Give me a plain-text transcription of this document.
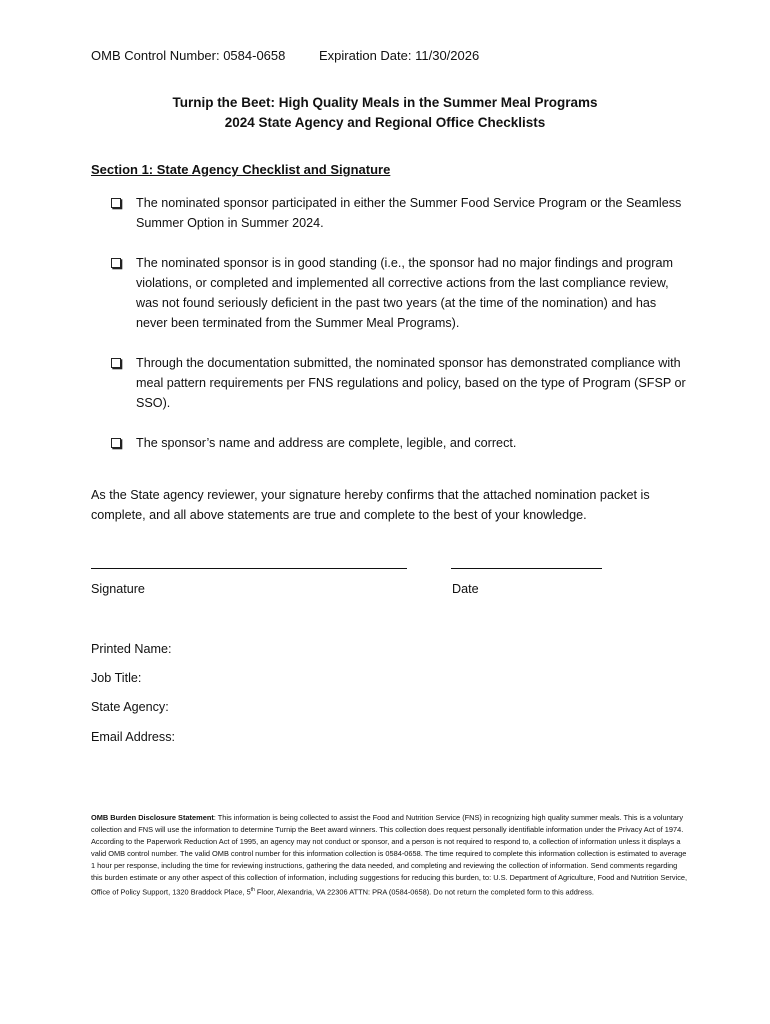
OMB Control Number: 0584-0658	Expiration Date: 11/30/2026
Turnip the Beet: High Quality Meals in the Summer Meal Programs
2024 State Agency and Regional Office Checklists
Section 1: State Agency Checklist and Signature
The nominated sponsor participated in either the Summer Food Service Program or the Seamless Summer Option in Summer 2024.
The nominated sponsor is in good standing (i.e., the sponsor had no major findings and program violations, or completed and implemented all corrective actions from the last compliance review, was not found seriously deficient in the past two years (at the time of the nomination) and has never been terminated from the Summer Meal Programs).
Through the documentation submitted, the nominated sponsor has demonstrated compliance with meal pattern requirements per FNS regulations and policy, based on the type of Program (SFSP or SSO).
The sponsor’s name and address are complete, legible, and correct.
As the State agency reviewer, your signature hereby confirms that the attached nomination packet is complete, and all above statements are true and complete to the best of your knowledge.
Signature	Date
Printed Name:
Job Title:
State Agency:
Email Address:
OMB Burden Disclosure Statement: This information is being collected to assist the Food and Nutrition Service (FNS) in recognizing high quality summer meals. This is a voluntary collection and FNS will use the information to determine Turnip the Beet award winners. This collection does request personally identifiable information under the Privacy Act of 1974. According to the Paperwork Reduction Act of 1995, an agency may not conduct or sponsor, and a person is not required to respond to, a collection of information unless it displays a valid OMB control number. The valid OMB control number for this information collection is 0584-0658. The time required to complete this information collection is estimated to average 1 hour per response, including the time for reviewing instructions, gathering the data needed, and completing and reviewing the collection of information. Send comments regarding this burden estimate or any other aspect of this collection of information, including suggestions for reducing this burden, to: U.S. Department of Agriculture, Food and Nutrition Service, Office of Policy Support, 1320 Braddock Place, 5th Floor, Alexandria, VA 22306 ATTN: PRA (0584-0658). Do not return the completed form to this address.
